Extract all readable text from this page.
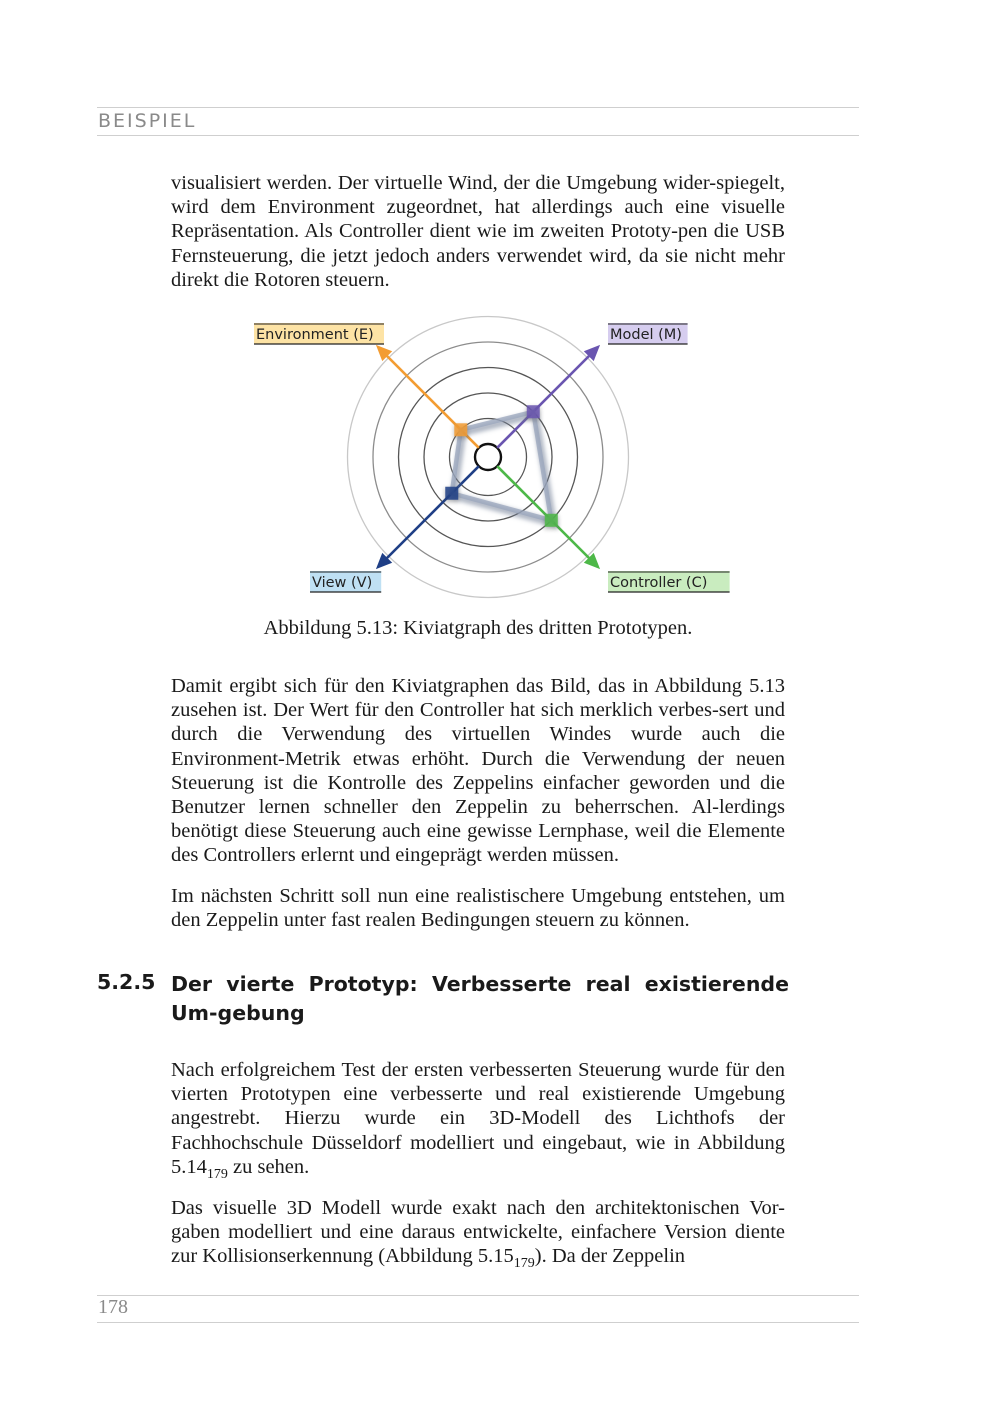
BEISPIEL

visualisiert werden. Der virtuelle Wind, der die Umgebung wider-spiegelt, wird dem Environment zugeordnet, hat allerdings auch eine visuelle Repräsentation. Als Controller dient wie im zweiten Prototy-pen die USB Fernsteuerung, die jetzt jedoch anders verwendet wird, da sie nicht mehr direkt die Rotoren steuern.

Environment (E)	Model (M)
Controller (C)
View (V)
Abbildung 5.13: Kiviatgraph des dritten Prototypen.

Damit ergibt sich für den Kiviatgraphen das Bild, das in Abbildung 5.13 zusehen ist. Der Wert für den Controller hat sich merklich verbes-sert und durch die Verwendung des virtuellen Windes wurde auch die Environment-Metrik etwas erhöht. Durch die Verwendung der neuen Steuerung ist die Kontrolle des Zeppelins einfacher geworden und die Benutzer lernen schneller den Zeppelin zu beherrschen. Al-lerdings benötigt diese Steuerung auch eine gewisse Lernphase, weil die Elemente des Controllers erlernt und eingeprägt werden müssen.

Im nächsten Schritt soll nun eine realistischere Umgebung entstehen, um den Zeppelin unter fast realen Bedingungen steuern zu können.

5.2.5 Der vierte Prototyp: Verbesserte real existierende Um-gebung

Nach erfolgreichem Test der ersten verbesserten Steuerung wurde für den vierten Prototypen eine verbesserte und real existierende Umgebung angestrebt. Hierzu wurde ein 3D-Modell des Lichthofs der Fachhochschule Düsseldorf modelliert und eingebaut, wie in Abbildung $5.14_{179}$ zu sehen.

Das visuelle 3D Modell wurde exakt nach den architektonischen Vor-gaben modelliert und eine daraus entwickelte, einfachere Version diente zur Kollisionserkennung (Abbildung $5.15_{179}$). Da der Zeppelin

178
